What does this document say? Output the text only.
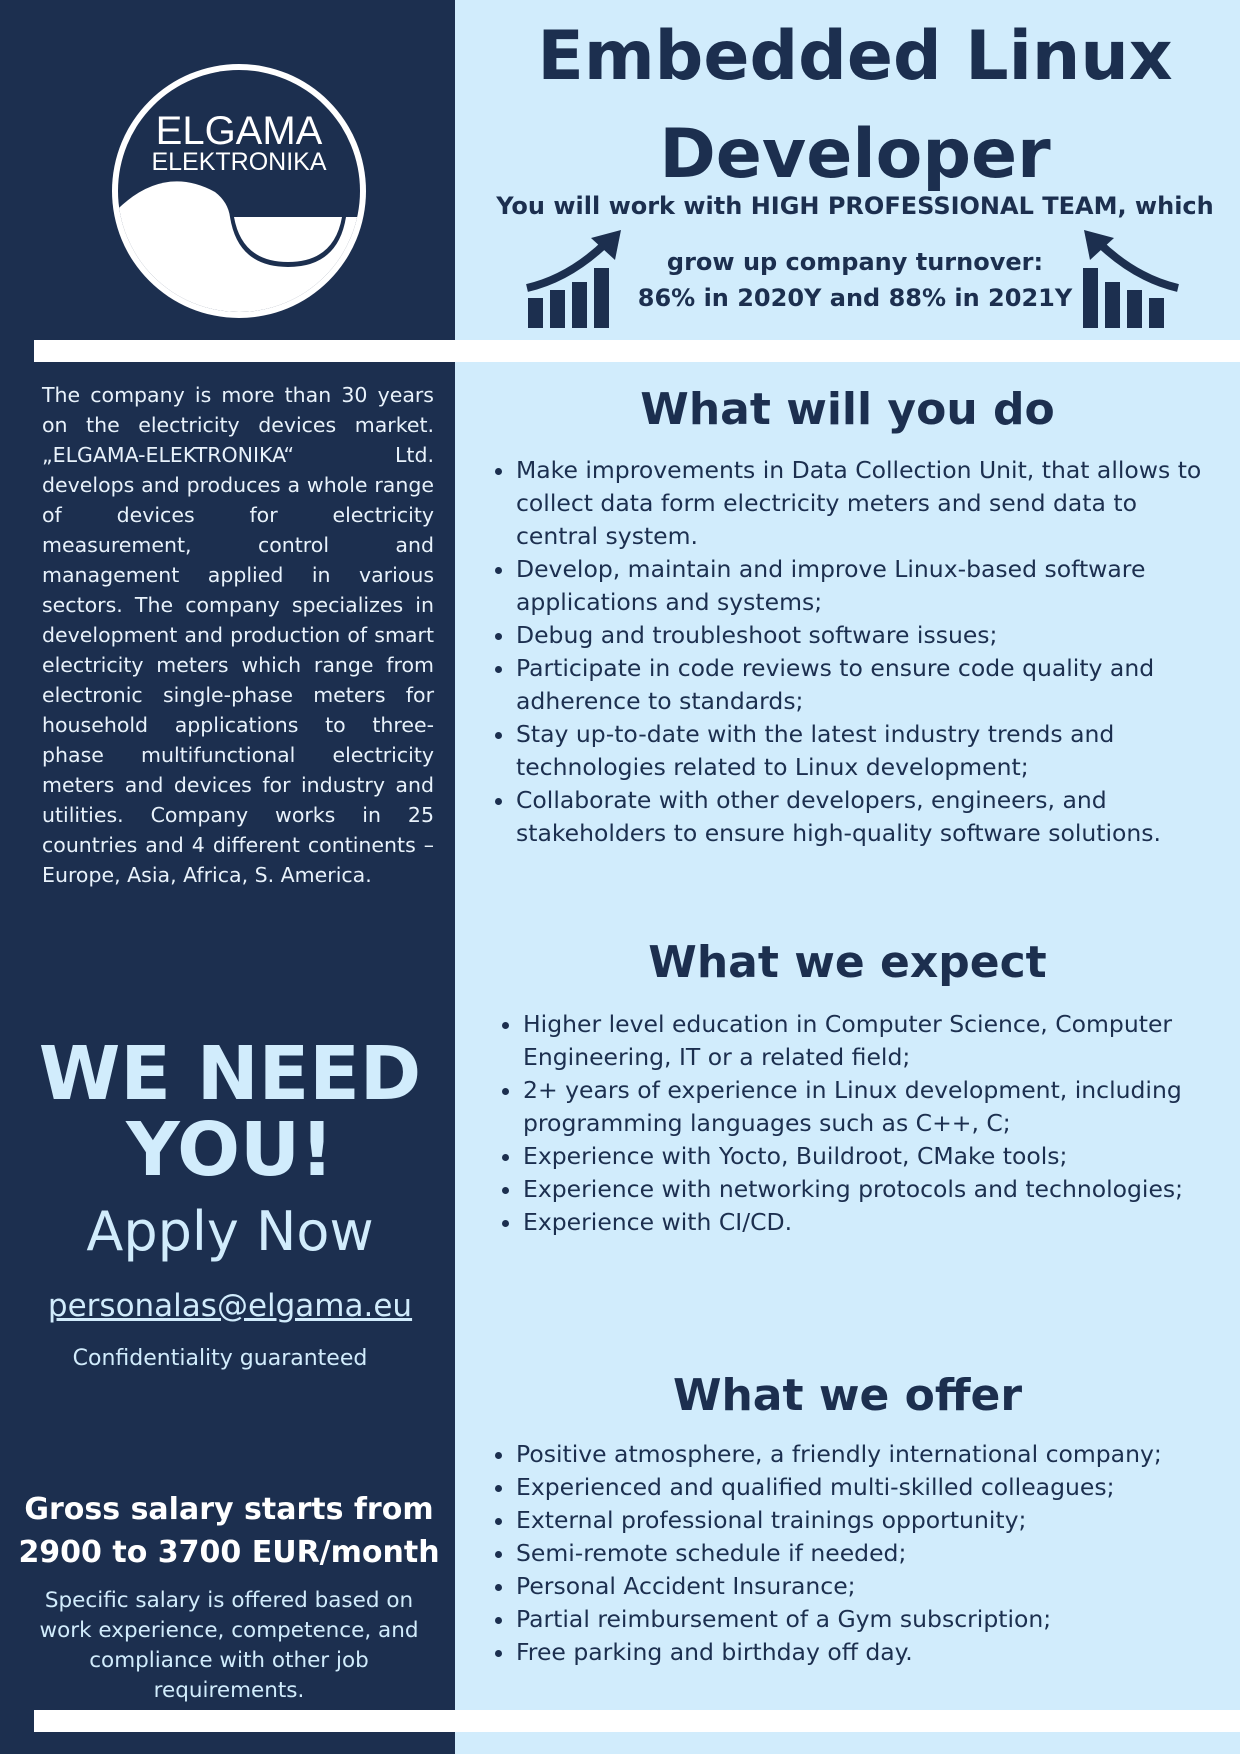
ELGAMA
ELEKTRONIKA
Embedded Linux
Developer
You will work with HIGH PROFESSIONAL TEAM, which
grow up company turnover:
86% in 2020Y and 88% in 2021Y

The company is more than 30 years on the electricity devices market. „ELGAMA-ELEKTRONIKA“ Ltd. develops and produces a whole range of devices for electricity measurement, control and management applied in various sectors. The company specializes in development and production of smart electricity meters which range from electronic single-phase meters for household applications to three-phase multifunctional electricity meters and devices for industry and utilities. Company works in 25 countries and 4 different continents – Europe, Asia, Africa, S. America.

WE NEED
YOU!
Apply Now
personalas@elgama.eu
Confidentiality guaranteed
Gross salary starts from
2900 to 3700 EUR/month
Specific salary is offered based on work experience, competence, and compliance with other job requirements.
What will you do
• Make improvements in Data Collection Unit, that allows to collect data form electricity meters and send data to central system.
• Develop, maintain and improve Linux-based software applications and systems;
• Debug and troubleshoot software issues;
• Participate in code reviews to ensure code quality and adherence to standards;
• Stay up-to-date with the latest industry trends and technologies related to Linux development;
• Collaborate with other developers, engineers, and stakeholders to ensure high-quality software solutions.
What we expect
• Higher level education in Computer Science, Computer Engineering, IT or a related field;
• 2+ years of experience in Linux development, including programming languages such as C++, C;
• Experience with Yocto, Buildroot, CMake tools;
• Experience with networking protocols and technologies;
• Experience with CI/CD.
What we offer
• Positive atmosphere, a friendly international company;
• Experienced and qualified multi-skilled colleagues;
• External professional trainings opportunity;
• Semi-remote schedule if needed;
• Personal Accident Insurance;
• Partial reimbursement of a Gym subscription;
• Free parking and birthday off day.
